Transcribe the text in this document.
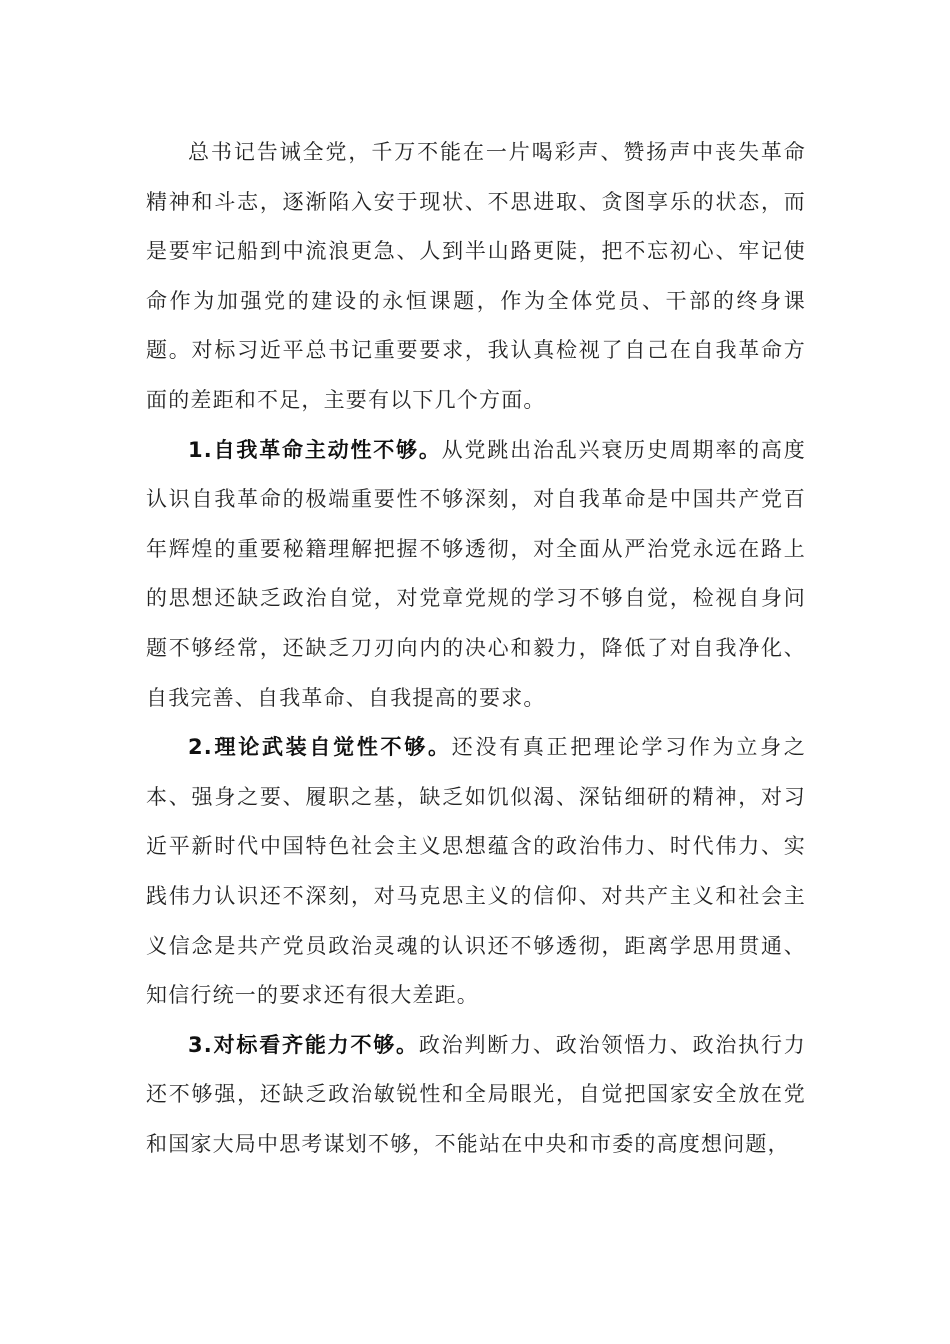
总书记告诫全党，千万不能在一片喝彩声、赞扬声中丧失革命精神和斗志，逐渐陷入安于现状、不思进取、贪图享乐的状态，而是要牢记船到中流浪更急、人到半山路更陡，把不忘初心、牢记使命作为加强党的建设的永恒课题，作为全体党员、干部的终身课题。对标习近平总书记重要要求，我认真检视了自己在自我革命方面的差距和不足，主要有以下几个方面。

1.自我革命主动性不够。从党跳出治乱兴衰历史周期率的高度认识自我革命的极端重要性不够深刻，对自我革命是中国共产党百年辉煌的重要秘籍理解把握不够透彻，对全面从严治党永远在路上的思想还缺乏政治自觉，对党章党规的学习不够自觉，检视自身问题不够经常，还缺乏刀刃向内的决心和毅力，降低了对自我净化、自我完善、自我革命、自我提高的要求。

2.理论武装自觉性不够。还没有真正把理论学习作为立身之本、强身之要、履职之基，缺乏如饥似渴、深钻细研的精神，对习近平新时代中国特色社会主义思想蕴含的政治伟力、时代伟力、实践伟力认识还不深刻，对马克思主义的信仰、对共产主义和社会主义信念是共产党员政治灵魂的认识还不够透彻，距离学思用贯通、知信行统一的要求还有很大差距。

3.对标看齐能力不够。政治判断力、政治领悟力、政治执行力还不够强，还缺乏政治敏锐性和全局眼光，自觉把国家安全放在党和国家大局中思考谋划不够，不能站在中央和市委的高度想问题，
